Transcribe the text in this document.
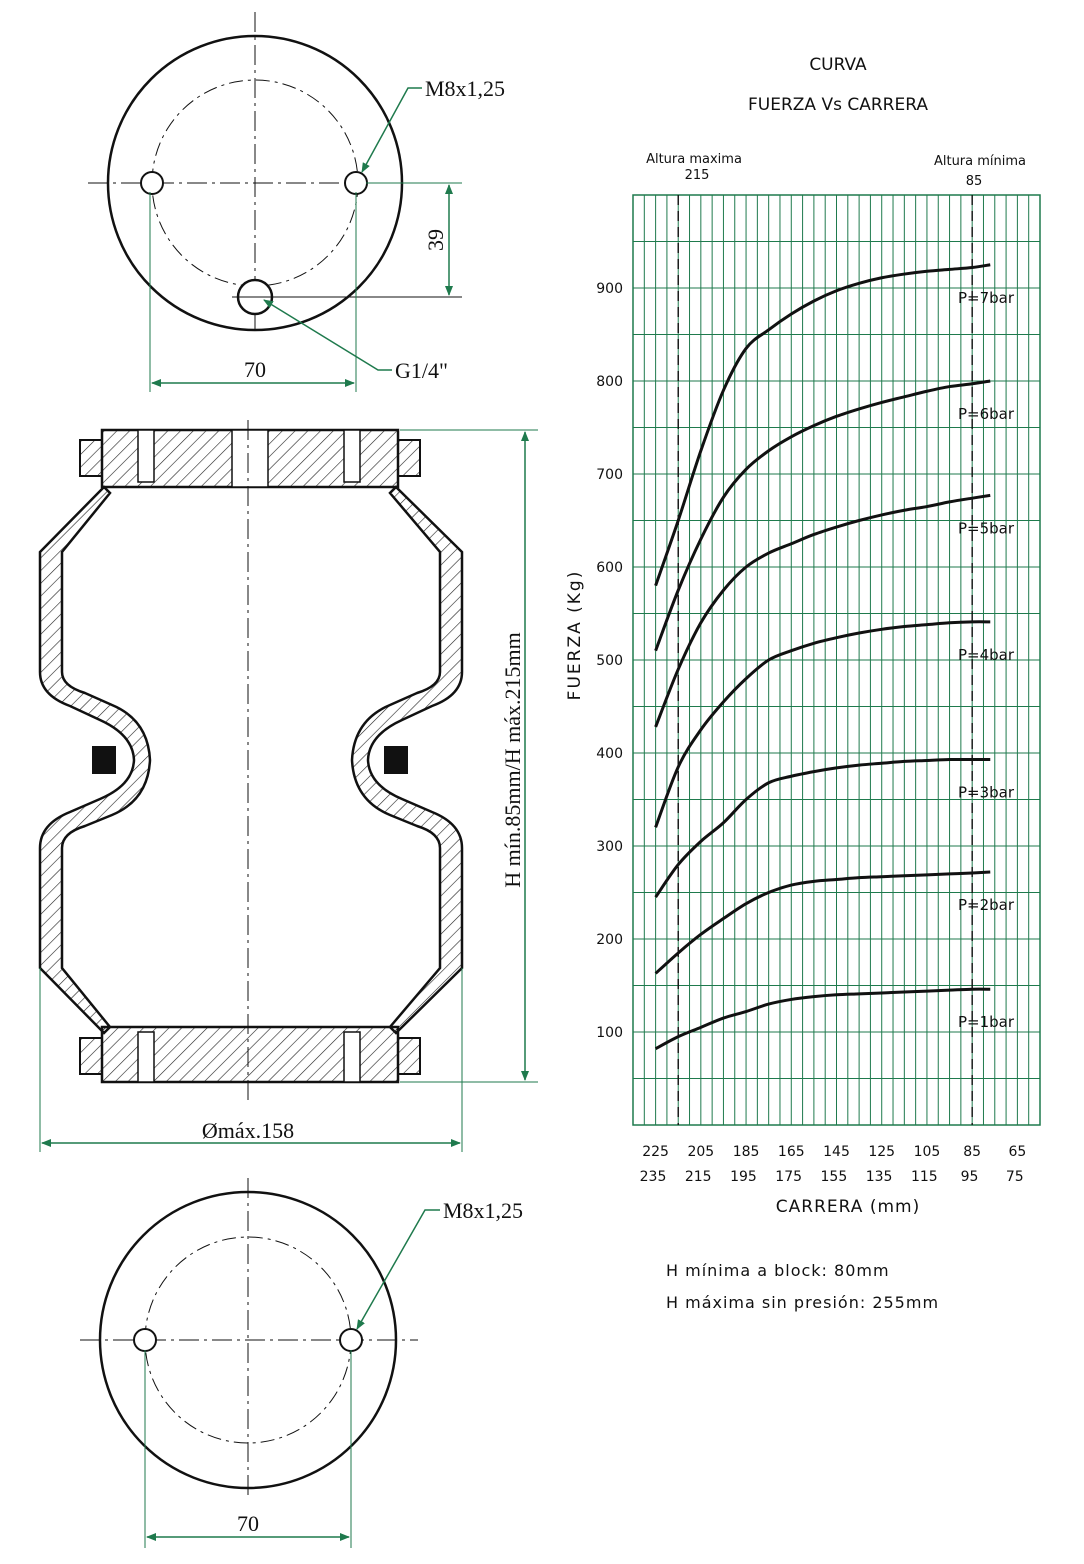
70
39
M8x1,25
G1/4"
H mín.85mm/H máx.215mm
Ømáx.158
70
M8x1,25
CURVA
FUERZA Vs CARRERA
Altura maxima
215
Altura mínima
85
P=1bar
P=2bar
P=3bar
P=4bar
P=5bar
P=6bar
P=7bar
100
200
300
400
500
600
700
800
900
225 205 185 165 145 125 105 85 65
235 215 195 175 155 135 115 95 75
FUERZA (Kg)
CARRERA (mm)
H mínima a block: 80mm
H máxima sin presión: 255mm
